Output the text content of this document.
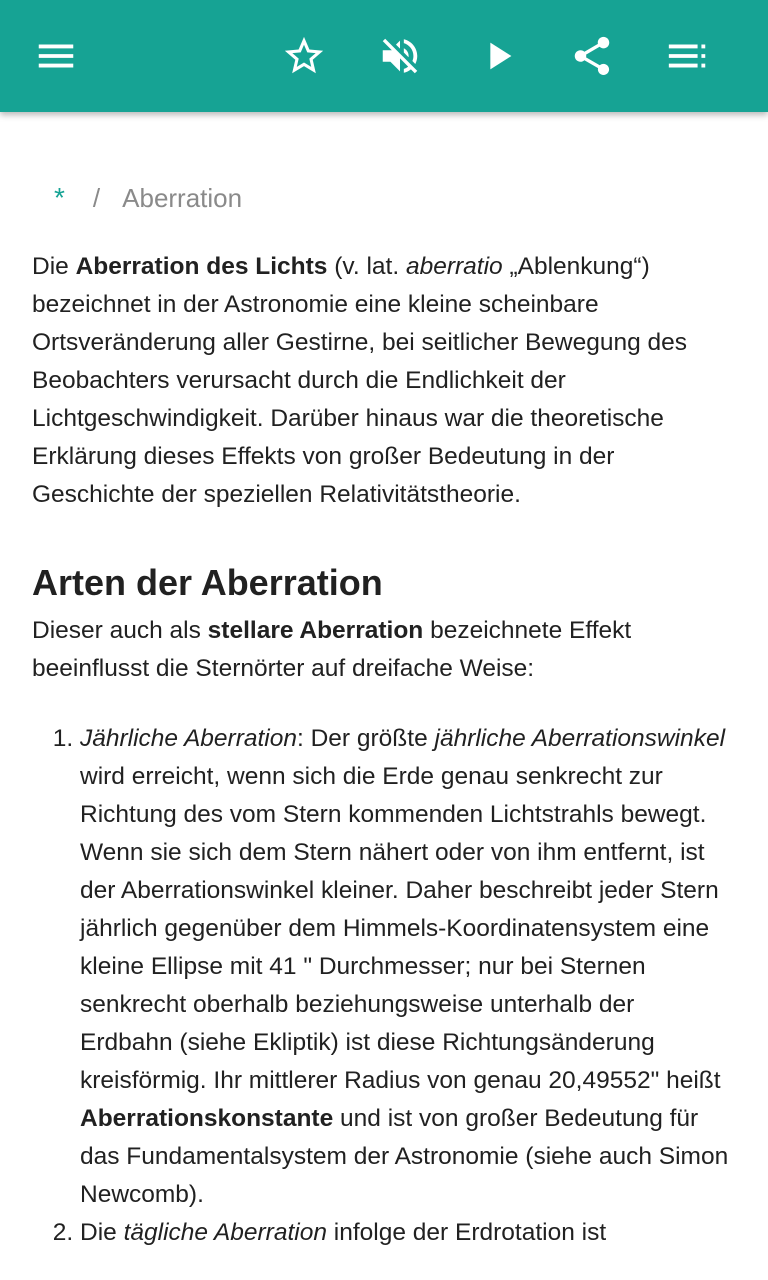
* / Aberration

Die Aberration des Lichts (v. lat. aberratio „Ablenkung“) bezeichnet in der Astronomie eine kleine scheinbare Ortsveränderung aller Gestirne, bei seitlicher Bewegung des Beobachters verursacht durch die Endlichkeit der Lichtgeschwindigkeit. Darüber hinaus war die theoretische Erklärung dieses Effekts von großer Bedeutung in der Geschichte der speziellen Relativitätstheorie.

Arten der Aberration

Dieser auch als stellare Aberration bezeichnete Effekt beeinflusst die Sternörter auf dreifache Weise:

1. Jährliche Aberration: Der größte jährliche Aberrationswinkel wird erreicht, wenn sich die Erde genau senkrecht zur Richtung des vom Stern kommenden Lichtstrahls bewegt. Wenn sie sich dem Stern nähert oder von ihm entfernt, ist der Aberrationswinkel kleiner. Daher beschreibt jeder Stern jährlich gegenüber dem Himmels-Koordinatensystem eine kleine Ellipse mit 41 " Durchmesser; nur bei Sternen senkrecht oberhalb beziehungsweise unterhalb der Erdbahn (siehe Ekliptik) ist diese Richtungsänderung kreisförmig. Ihr mittlerer Radius von genau 20,49552" heißt Aberrationskonstante und ist von großer Bedeutung für das Fundamentalsystem der Astronomie (siehe auch Simon Newcomb).
2. Die tägliche Aberration infolge der Erdrotation ist
